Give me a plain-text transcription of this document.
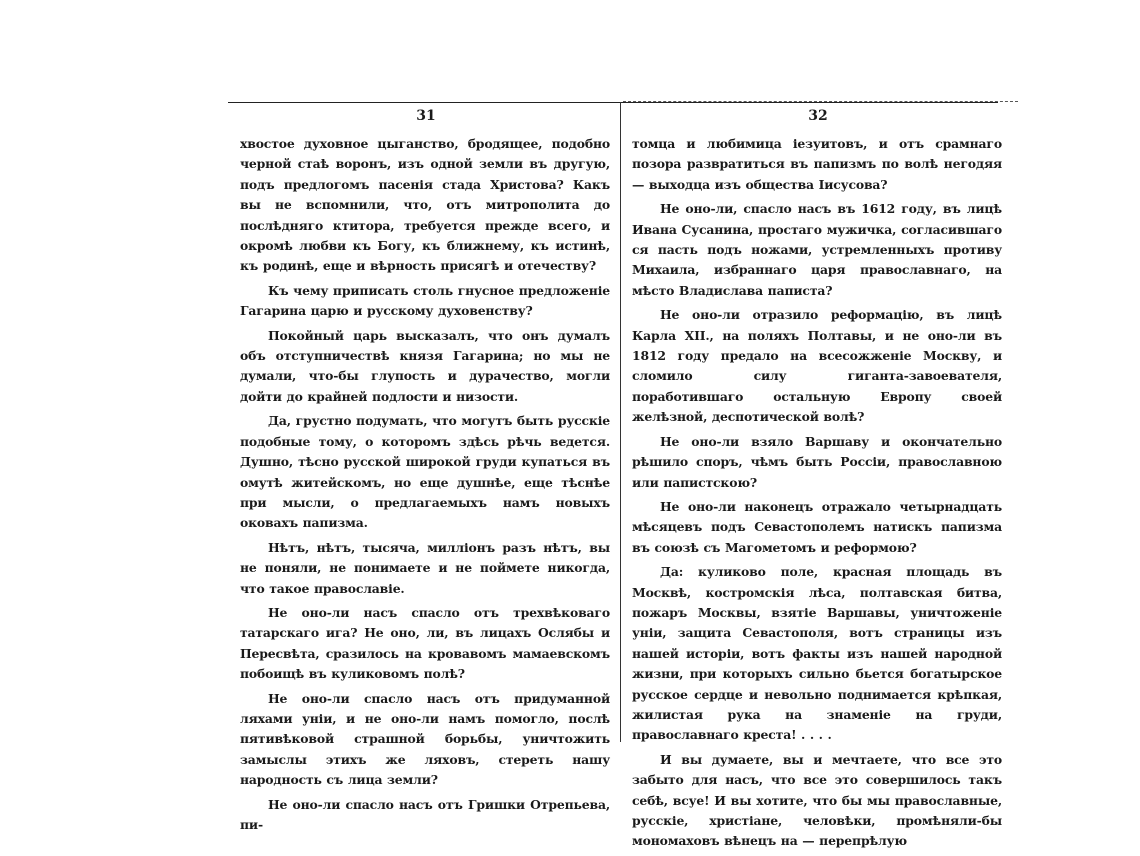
31

хвостое духовное цыганство, бродящее, подобно черной стаѣ воронъ, изъ одной земли въ другую, подъ предлогомъ пасенія стада Христова? Какъ вы не вспомнили, что, отъ митрополита до послѣдняго ктитора, требуется прежде всего, и окромѣ любви къ Богу, къ ближнему, къ истинѣ, къ родинѣ, еще и вѣрность присягѣ и отечеству?

Къ чему приписать столь гнусное предложеніе Гагарина царю и русскому духовенству?

Покойный царь высказалъ, что онъ думалъ объ отступничествѣ князя Гагарина; но мы не думали, что-бы глупость и дурачество, могли дойти до крайней подлости и низости.

Да, грустно подумать, что могутъ быть русскіе подобные тому, о которомъ здѣсь рѣчь ведется. Душно, тѣсно русской широкой груди купаться въ омутѣ житейскомъ, но еще душнѣе, еще тѣснѣе при мысли, о предлагаемыхъ намъ новыхъ оковахъ папизма.

Нѣтъ, нѣтъ, тысяча, милліонъ разъ нѣтъ, вы не поняли, не понимаете и не поймете никогда, что такое православіе.

Не оно-ли насъ спасло отъ трехвѣковаго татарскаго ига? Не оно, ли, въ лицахъ Ослябы и Пересвѣта, сразилось на кровавомъ мамаевскомъ побоищѣ въ куликовомъ полѣ?

Не оно-ли спасло насъ отъ придуманной ляхами уніи, и не оно-ли намъ помогло, послѣ пятивѣковой страшной борьбы, уничтожить замыслы этихъ же ляховъ, стереть нашу народность съ лица земли?

Не оно-ли спасло насъ отъ Гришки Отрепьева, пи-

32

томца и любимица іезуитовъ, и отъ срамнаго позора развратиться въ папизмъ по волѣ негодяя — выходца изъ общества Іисусова?

Не оно-ли, спасло насъ въ 1612 году, въ лицѣ Ивана Сусанина, простаго мужичка, согласившаго ся пасть подъ ножами, устремленныхъ противу Михаила, избраннаго царя православнаго, на мѣсто Владислава паписта?

Не оно-ли отразило реформацію, въ лицѣ Карла XII., на поляхъ Полтавы, и не оно-ли въ 1812 году предало на всесожженіе Москву, и сломило силу гиганта-завоевателя, поработившаго остальную Европу своей желѣзной, деспотической волѣ?

Не оно-ли взяло Варшаву и окончательно рѣшило споръ, чѣмъ быть Россіи, православною или папистскою?

Не оно-ли наконецъ отражало четырнадцать мѣсяцевъ подъ Севастополемъ натискъ папизма въ союзѣ съ Магометомъ и реформою?

Да: куликово поле, красная площадь въ Москвѣ, костромскія лѣса, полтавская битва, пожаръ Москвы, взятіе Варшавы, уничтоженіе уніи, защита Севастополя, вотъ страницы изъ нашей исторіи, вотъ факты изъ нашей народной жизни, при которыхъ сильно бьется богатырское русское сердце и невольно поднимается крѣпкая, жилистая рука на знаменіе на груди, православнаго креста! . . . .

И вы думаете, вы и мечтаете, что все это забыто для насъ, что все это совершилось такъ себѣ, всуе! И вы хотите, что бы мы православные, русскіе, христіане, человѣки, промѣняли-бы мономаховъ вѣнецъ на — перепрѣлую
